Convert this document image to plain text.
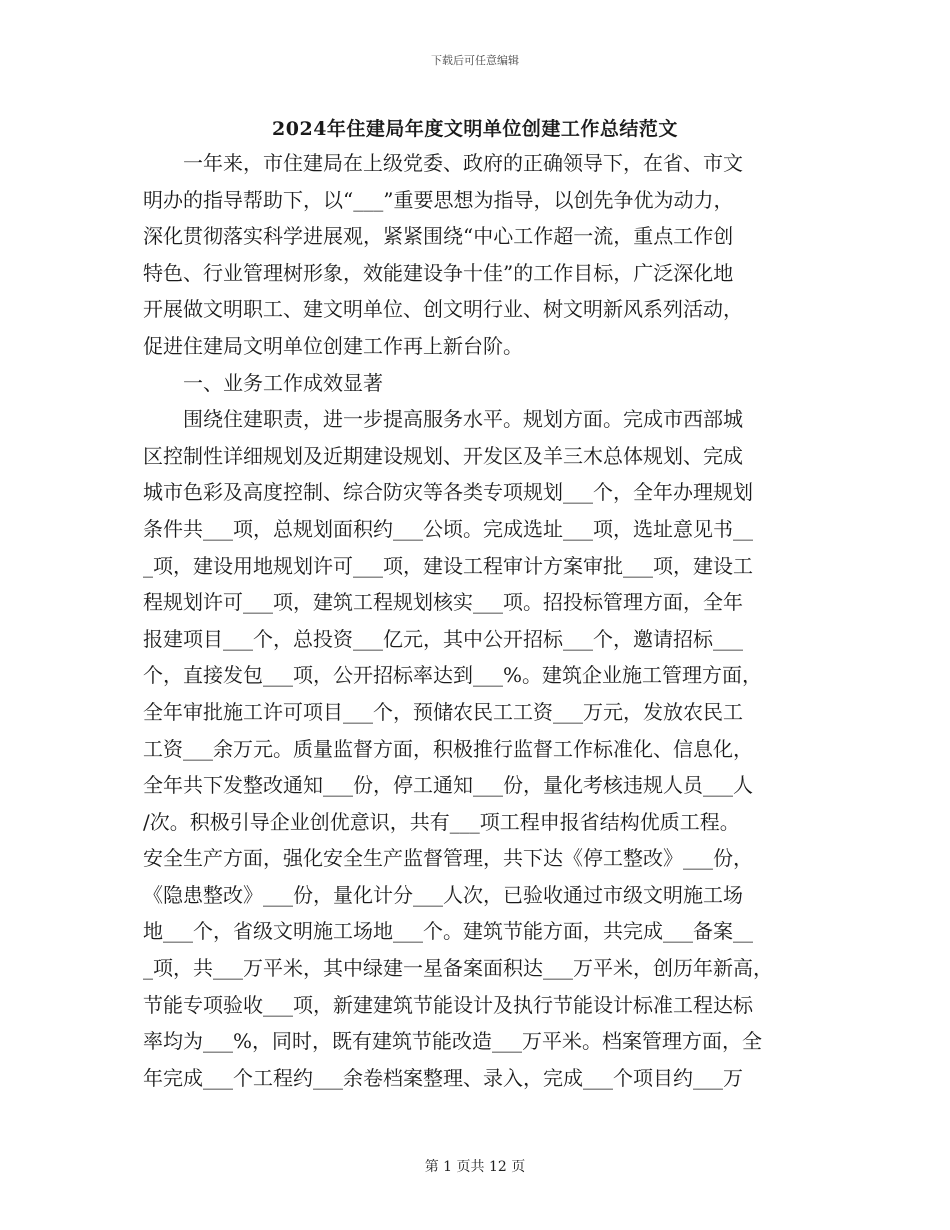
下载后可任意编辑
2024年住建局年度文明单位创建工作总结范文
　　一年来，市住建局在上级党委、政府的正确领导下，在省、市文
明办的指导帮助下，以“___”重要思想为指导，以创先争优为动力，
深化贯彻落实科学进展观，紧紧围绕“中心工作超一流，重点工作创
特色、行业管理树形象，效能建设争十佳”的工作目标，广泛深化地
开展做文明职工、建文明单位、创文明行业、树文明新风系列活动，
促进住建局文明单位创建工作再上新台阶。
　　一、业务工作成效显著
　　围绕住建职责，进一步提高服务水平。规划方面。完成市西部城
区控制性详细规划及近期建设规划、开发区及羊三木总体规划、完成
城市色彩及高度控制、综合防灾等各类专项规划___个，全年办理规划
条件共___项，总规划面积约___公顷。完成选址___项，选址意见书__
_项，建设用地规划许可___项，建设工程审计方案审批___项，建设工
程规划许可___项，建筑工程规划核实___项。招投标管理方面，全年
报建项目___个，总投资___亿元，其中公开招标___个，邀请招标___
个，直接发包___项，公开招标率达到___%。建筑企业施工管理方面，
全年审批施工许可项目___个，预储农民工工资___万元，发放农民工
工资___余万元。质量监督方面，积极推行监督工作标准化、信息化，
全年共下发整改通知___份，停工通知___份，量化考核违规人员___人
/次。积极引导企业创优意识，共有___项工程申报省结构优质工程。
安全生产方面，强化安全生产监督管理，共下达《停工整改》___份，
《隐患整改》___份，量化计分___人次，已验收通过市级文明施工场
地___个，省级文明施工场地___个。建筑节能方面，共完成___备案__
_项，共___万平米，其中绿建一星备案面积达___万平米，创历年新高，
节能专项验收___项，新建建筑节能设计及执行节能设计标准工程达标
率均为___%，同时，既有建筑节能改造___万平米。档案管理方面，全
年完成___个工程约___余卷档案整理、录入，完成___个项目约___万
第 1 页共 12 页
